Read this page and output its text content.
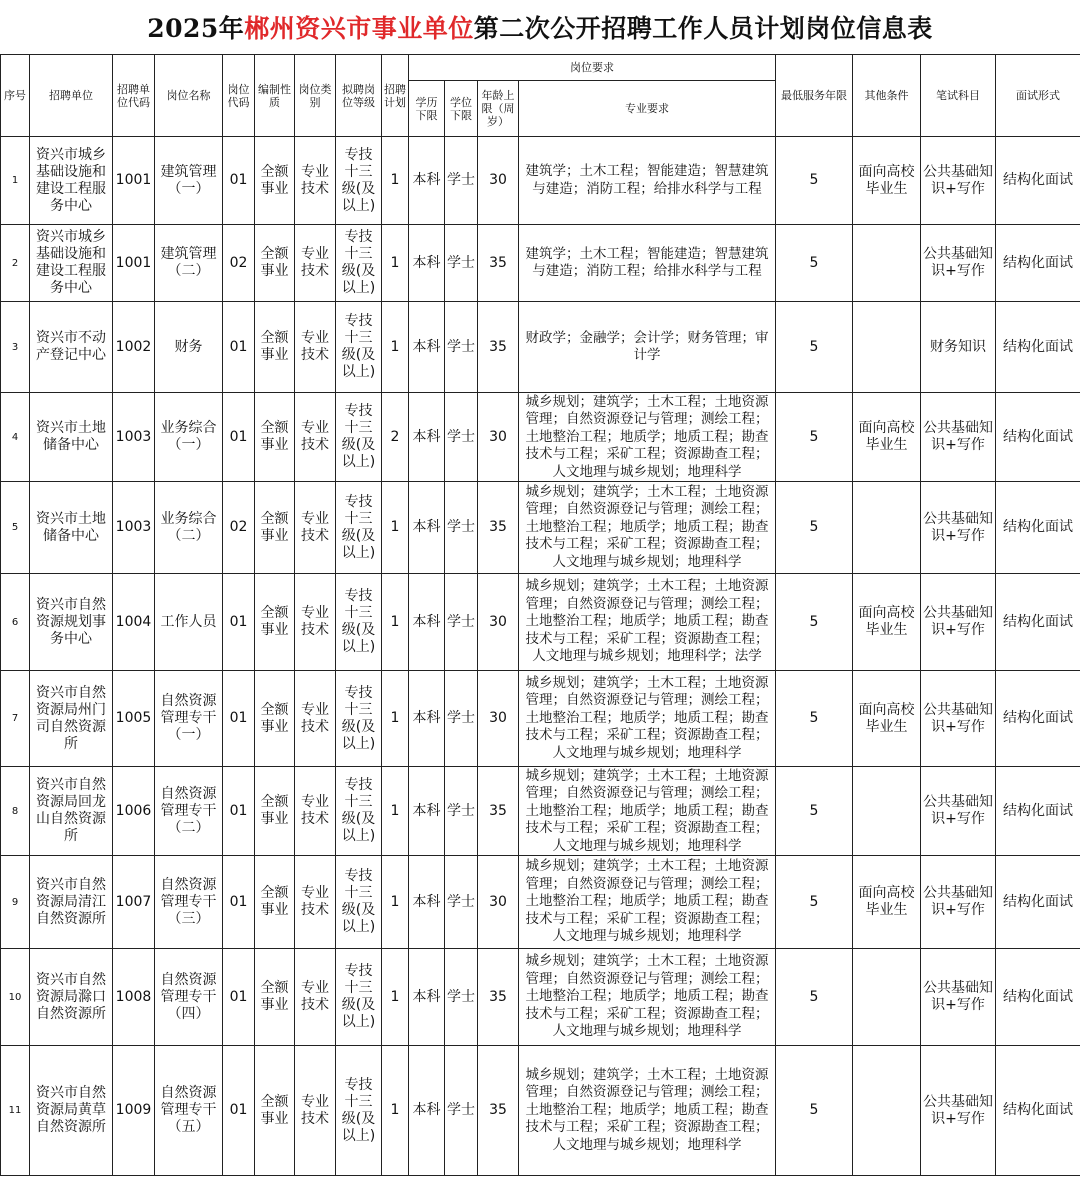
2025年 郴州资兴市事业单位 第二次公开招聘工作人员计划岗位信息表
序号	招聘单位	招聘单位代码	岗位名称	岗位代码	编制性质	岗位类别	拟聘岗位等级	招聘计划	岗位要求				最低服务年限	其他条件	笔试科目	面试形式
									学历下限	学位下限	年龄上限（周岁）	专业要求				
1	资兴市城乡基础设施和建设工程服务中心	1001	建筑管理（一）	01	全额事业	专业技术	专技十三级(及以上)	1	本科	学士	30	建筑学；土木工程；智能建造；智慧建筑与建造；消防工程；给排水科学与工程	5	面向高校毕业生	公共基础知识+写作	结构化面试
2	资兴市城乡基础设施和建设工程服务中心	1001	建筑管理（二）	02	全额事业	专业技术	专技十三级(及以上)	1	本科	学士	35	建筑学；土木工程；智能建造；智慧建筑与建造；消防工程；给排水科学与工程	5		公共基础知识+写作	结构化面试
3	资兴市不动产登记中心	1002	财务	01	全额事业	专业技术	专技十三级(及以上)	1	本科	学士	35	财政学；金融学；会计学；财务管理；审计学	5		财务知识	结构化面试
4	资兴市土地储备中心	1003	业务综合（一）	01	全额事业	专业技术	专技十三级(及以上)	2	本科	学士	30	城乡规划；建筑学；土木工程；土地资源管理；自然资源登记与管理；测绘工程；土地整治工程；地质学；地质工程；勘查技术与工程；采矿工程；资源勘查工程；人文地理与城乡规划；地理科学	5	面向高校毕业生	公共基础知识+写作	结构化面试
5	资兴市土地储备中心	1003	业务综合（二）	02	全额事业	专业技术	专技十三级(及以上)	1	本科	学士	35	城乡规划；建筑学；土木工程；土地资源管理；自然资源登记与管理；测绘工程；土地整治工程；地质学；地质工程；勘查技术与工程；采矿工程；资源勘查工程；人文地理与城乡规划；地理科学	5		公共基础知识+写作	结构化面试
6	资兴市自然资源规划事务中心	1004	工作人员	01	全额事业	专业技术	专技十三级(及以上)	1	本科	学士	30	城乡规划；建筑学；土木工程；土地资源管理；自然资源登记与管理；测绘工程；土地整治工程；地质学；地质工程；勘查技术与工程；采矿工程；资源勘查工程；人文地理与城乡规划；地理科学；法学	5	面向高校毕业生	公共基础知识+写作	结构化面试
7	资兴市自然资源局州门司自然资源所	1005	自然资源管理专干（一）	01	全额事业	专业技术	专技十三级(及以上)	1	本科	学士	30	城乡规划；建筑学；土木工程；土地资源管理；自然资源登记与管理；测绘工程；土地整治工程；地质学；地质工程；勘查技术与工程；采矿工程；资源勘查工程；人文地理与城乡规划；地理科学	5	面向高校毕业生	公共基础知识+写作	结构化面试
8	资兴市自然资源局回龙山自然资源所	1006	自然资源管理专干（二）	01	全额事业	专业技术	专技十三级(及以上)	1	本科	学士	35	城乡规划；建筑学；土木工程；土地资源管理；自然资源登记与管理；测绘工程；土地整治工程；地质学；地质工程；勘查技术与工程；采矿工程；资源勘查工程；人文地理与城乡规划；地理科学	5		公共基础知识+写作	结构化面试
9	资兴市自然资源局清江自然资源所	1007	自然资源管理专干（三）	01	全额事业	专业技术	专技十三级(及以上)	1	本科	学士	30	城乡规划；建筑学；土木工程；土地资源管理；自然资源登记与管理；测绘工程；土地整治工程；地质学；地质工程；勘查技术与工程；采矿工程；资源勘查工程；人文地理与城乡规划；地理科学	5	面向高校毕业生	公共基础知识+写作	结构化面试
10	资兴市自然资源局滁口自然资源所	1008	自然资源管理专干（四）	01	全额事业	专业技术	专技十三级(及以上)	1	本科	学士	35	城乡规划；建筑学；土木工程；土地资源管理；自然资源登记与管理；测绘工程；土地整治工程；地质学；地质工程；勘查技术与工程；采矿工程；资源勘查工程；人文地理与城乡规划；地理科学	5		公共基础知识+写作	结构化面试
11	资兴市自然资源局黄草自然资源所	1009	自然资源管理专干（五）	01	全额事业	专业技术	专技十三级(及以上)	1	本科	学士	35	城乡规划；建筑学；土木工程；土地资源管理；自然资源登记与管理；测绘工程；土地整治工程；地质学；地质工程；勘查技术与工程；采矿工程；资源勘查工程；人文地理与城乡规划；地理科学	5		公共基础知识+写作	结构化面试
